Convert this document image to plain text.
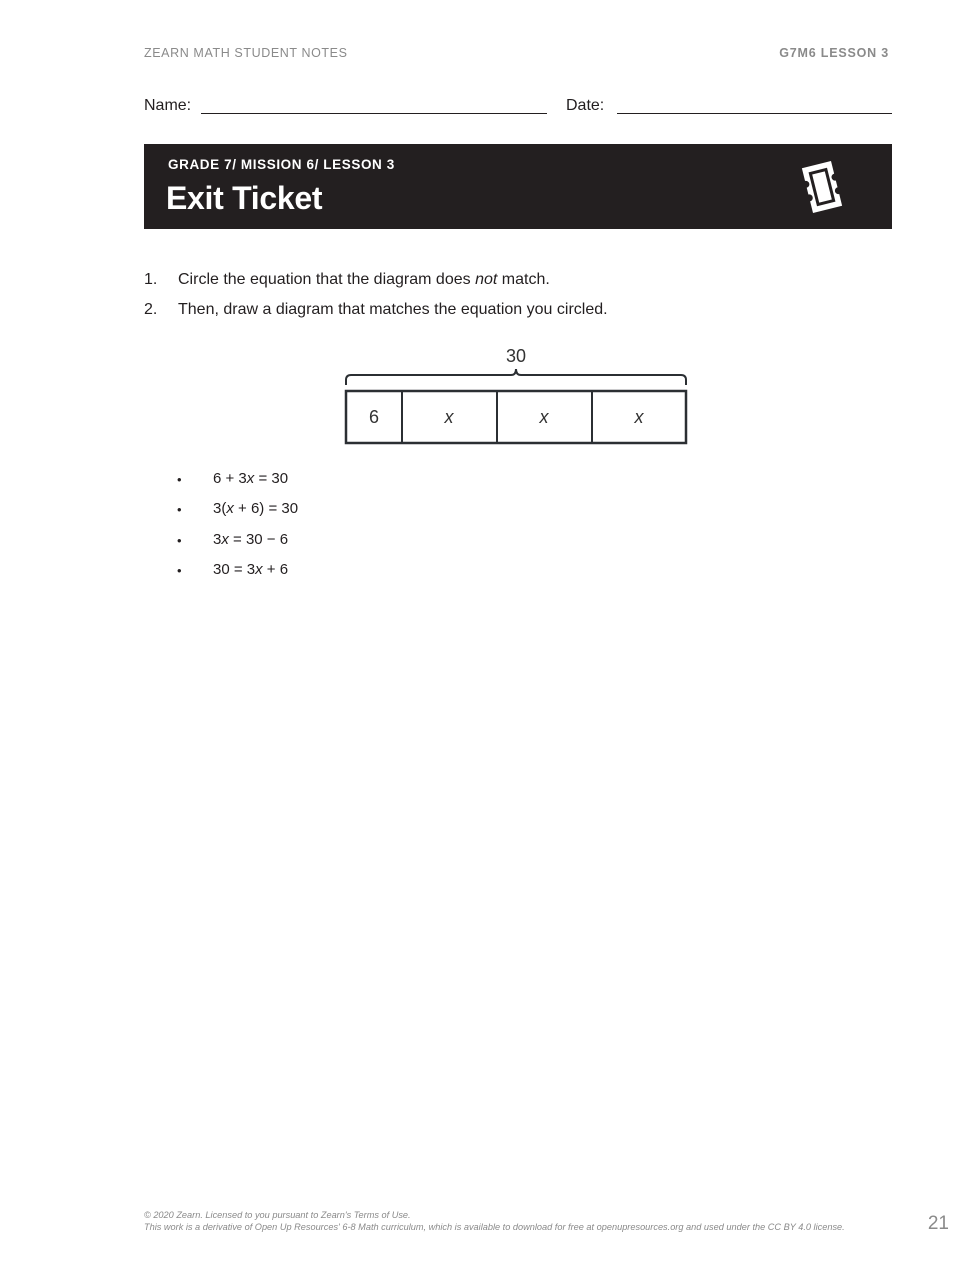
ZEARN MATH STUDENT NOTES	G7M6 LESSON 3
Name:	Date:
GRADE 7/ MISSION 6/ LESSON 3
Exit Ticket
1. Circle the equation that the diagram does not match.
2. Then, draw a diagram that matches the equation you circled.
30
6	x	x	x
• 6 + 3x = 30
• 3(x + 6) = 30
• 3x = 30 − 6
• 30 = 3x + 6
© 2020 Zearn. Licensed to you pursuant to Zearn's Terms of Use.
This work is a derivative of Open Up Resources' 6-8 Math curriculum, which is available to download for free at openupresources.org and used under the CC BY 4.0 license.	21
